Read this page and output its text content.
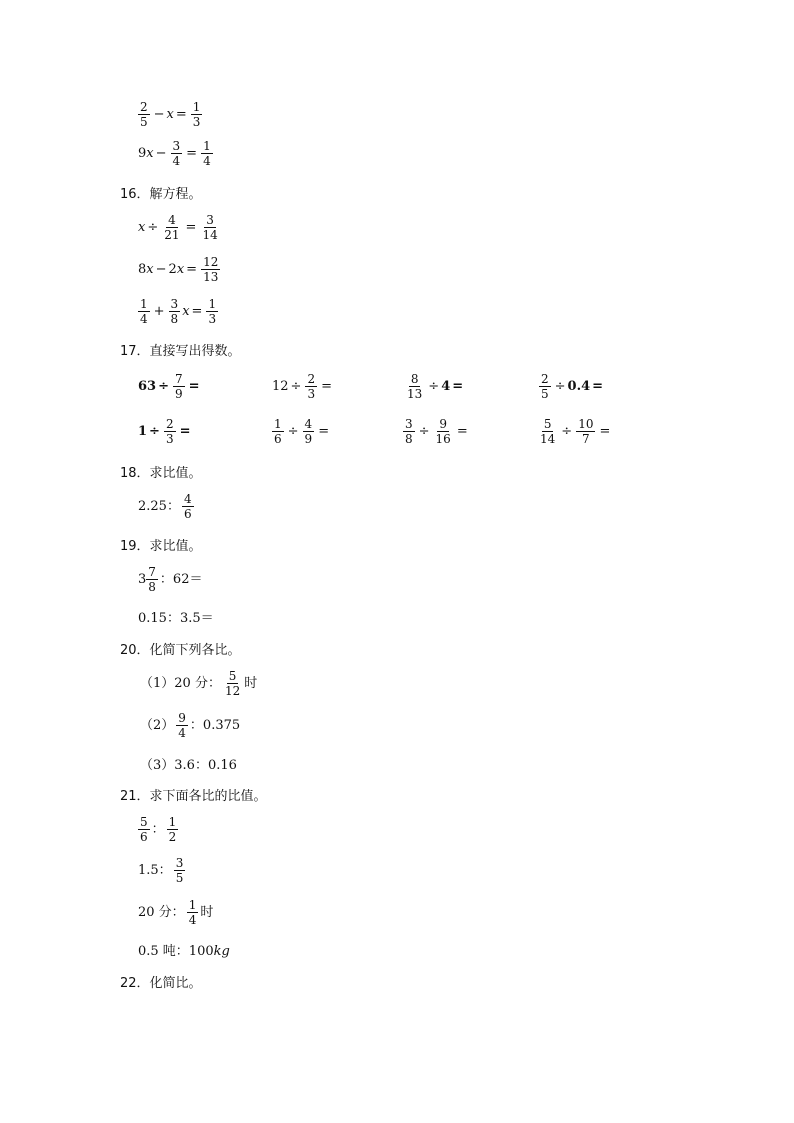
$\frac{2}{5} - x = \frac{1}{3}$
9 $x - \frac{3}{4} = \frac{1}{4}$
16．解方程。
$x \div \frac{4}{21} = \frac{3}{14}$
8 x − 2 $x = \frac{12}{13}$
$\frac{1}{4} + \frac{3}{8}$ $x = \frac{1}{3}$
17．直接写出得数。
$63 \div \frac{7}{9}$ =	$12 \div \frac{2}{3}$ =	$\frac{8}{13} \div 4$ =	$\frac{2}{5} \div 0.4$ =
$1 \div \frac{2}{3}$ =	$\frac{1}{6} \div \frac{4}{9}$ =	$\frac{3}{8} \div \frac{9}{16}$ =	$\frac{5}{14} \div \frac{10}{7}$ =
18．求比值。
2.25 ： $\frac{4}{6}$
19．求比值。
$3 \frac{7}{8}$ ：62＝
0.15：3.5＝
20．化简下列各比。
（1）20 分： $\frac{5}{12}$ 时
$(2) \frac{9}{4}$ ：0.375
（3）3.6：0.16
21．求下面各比的比值。
$\frac{5}{6}$ ： $\frac{1}{2}$
1.5： $\frac{3}{5}$
20 分： $\frac{1}{4}$ 时
0.5 吨：100 kg
22．化简比。
